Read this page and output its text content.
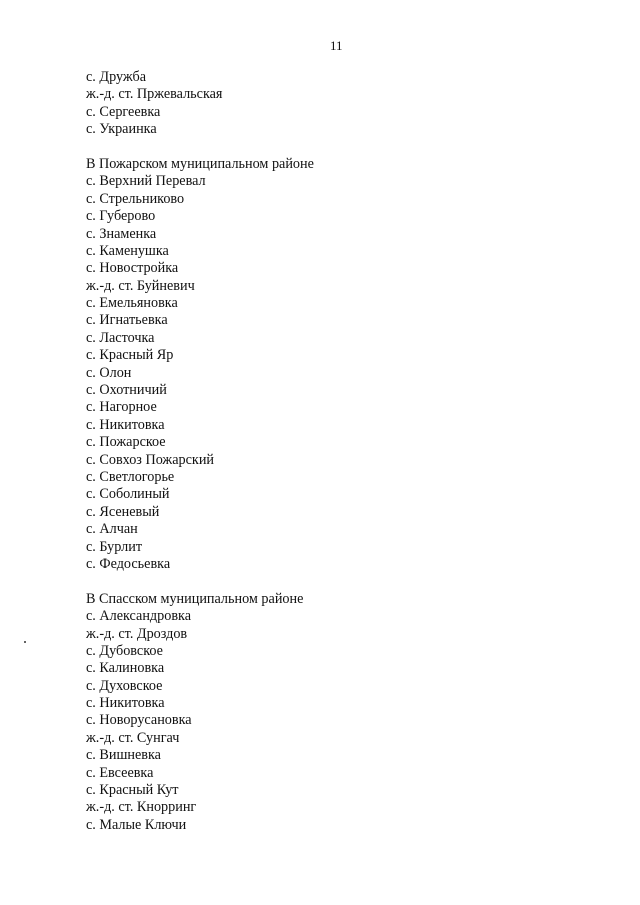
11
с. Дружба
ж.-д. ст. Пржевальская
с. Сергеевка
с. Украинка
В Пожарском муниципальном районе
с. Верхний Перевал
с. Стрельниково
с. Губерово
с. Знаменка
с. Каменушка
с. Новостройка
ж.-д. ст. Буйневич
с. Емельяновка
с. Игнатьевка
с. Ласточка
с. Красный Яр
с. Олон
с. Охотничий
с. Нагорное
с. Никитовка
с. Пожарское
с. Совхоз Пожарский
с. Светлогорье
с. Соболиный
с. Ясеневый
с. Алчан
с. Бурлит
с. Федосьевка
В Спасском муниципальном районе
с. Александровка
ж.-д. ст. Дроздов
с. Дубовское
с. Калиновка
с. Духовское
с. Никитовка
с. Новорусановка
ж.-д. ст. Сунгач
с. Вишневка
с. Евсеевка
с. Красный Кут
ж.-д. ст. Кнорринг
с. Малые Ключи
